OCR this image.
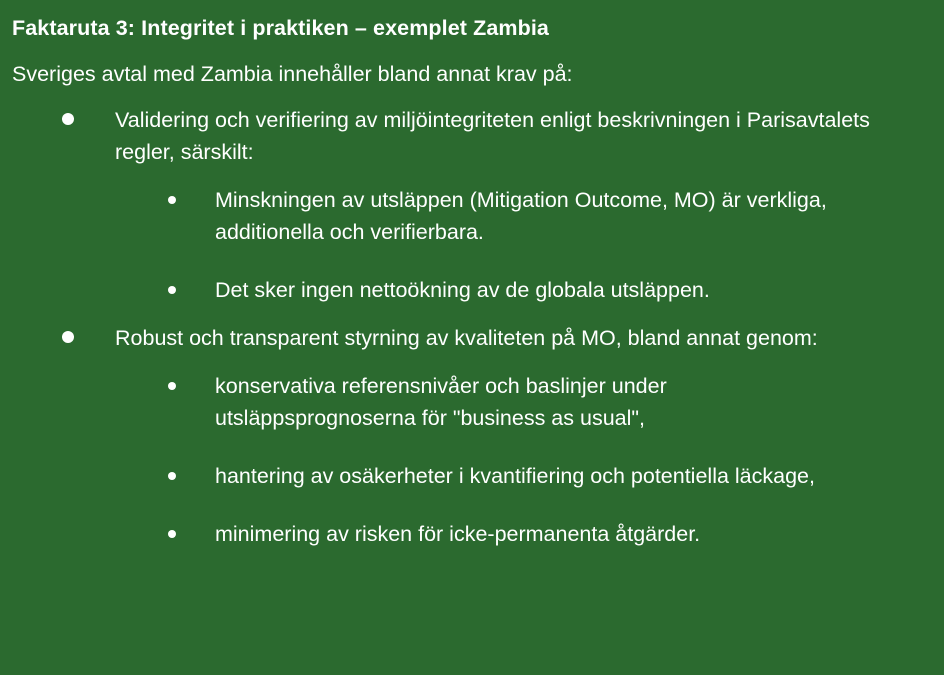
Faktaruta 3: Integritet i praktiken – exemplet Zambia
Sveriges avtal med Zambia innehåller bland annat krav på:
Validering och verifiering av miljöintegriteten enligt beskrivningen i Parisavtalets regler, särskilt:
Minskningen av utsläppen (Mitigation Outcome, MO) är verkliga, additionella och verifierbara.
Det sker ingen nettoökning av de globala utsläppen.
Robust och transparent styrning av kvaliteten på MO, bland annat genom:
konservativa referensnivåer och baslinjer under utsläppsprognoserna för "business as usual",
hantering av osäkerheter i kvantifiering och potentiella läckage,
minimering av risken för icke-permanenta åtgärder.
